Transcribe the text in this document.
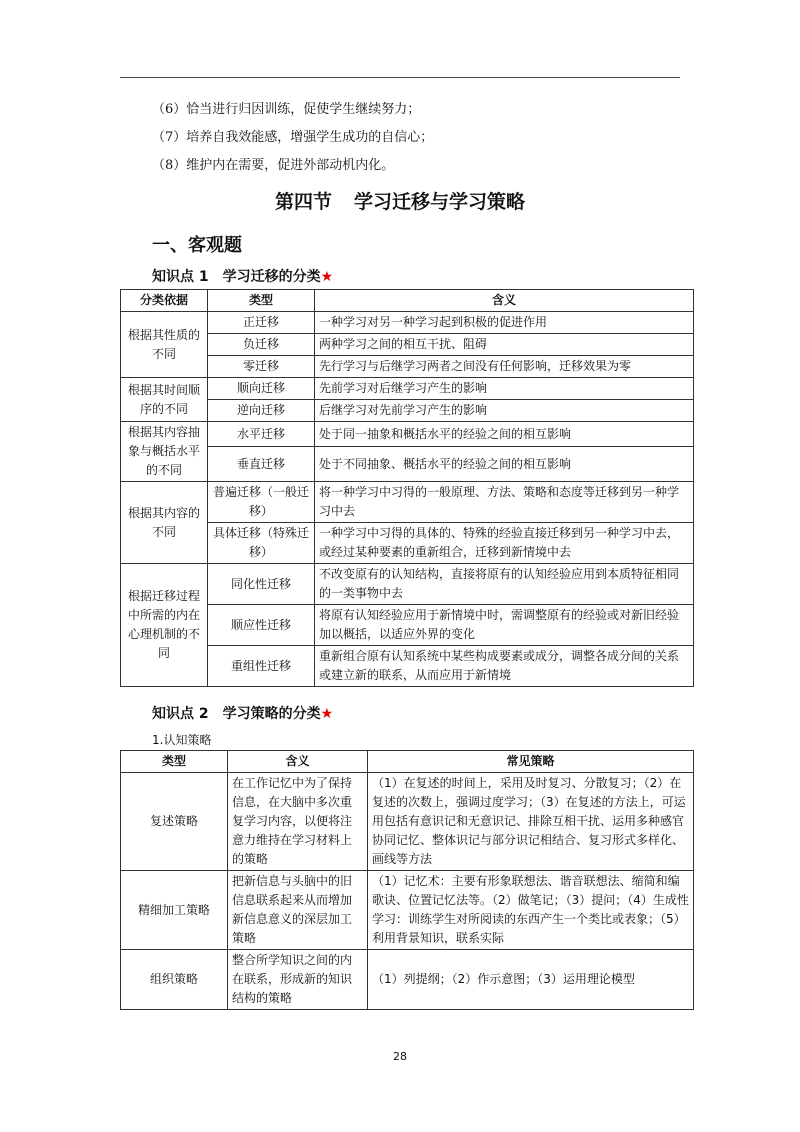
（6）恰当进行归因训练，促使学生继续努力；
（7）培养自我效能感，增强学生成功的自信心；
（8）维护内在需要，促进外部动机内化。
第四节 学习迁移与学习策略
一、客观题
知识点 1 学习迁移的分类★
分类依据	类型	含义
根据其性质的不同	正迁移	一种学习对另一种学习起到积极的促进作用
	负迁移	两种学习之间的相互干扰、阻碍
	零迁移	先行学习与后继学习两者之间没有任何影响，迁移效果为零
根据其时间顺序的不同	顺向迁移	先前学习对后继学习产生的影响
	逆向迁移	后继学习对先前学习产生的影响
根据其内容抽象与概括水平的不同	水平迁移	处于同一抽象和概括水平的经验之间的相互影响
	垂直迁移	处于不同抽象、概括水平的经验之间的相互影响
根据其内容的不同	普遍迁移（一般迁移）	将一种学习中习得的一般原理、方法、策略和态度等迁移到另一种学习中去
	具体迁移（特殊迁移）	一种学习中习得的具体的、特殊的经验直接迁移到另一种学习中去，或经过某种要素的重新组合，迁移到新情境中去
根据迁移过程中所需的内在心理机制的不同	同化性迁移	不改变原有的认知结构，直接将原有的认知经验应用到本质特征相同的一类事物中去
	顺应性迁移	将原有认知经验应用于新情境中时，需调整原有的经验或对新旧经验加以概括，以适应外界的变化
	重组性迁移	重新组合原有认知系统中某些构成要素或成分，调整各成分间的关系或建立新的联系，从而应用于新情境
知识点 2 学习策略的分类★
1.认知策略
类型	含义	常见策略
复述策略	在工作记忆中为了保持信息，在大脑中多次重复学习内容，以便将注意力维持在学习材料上的策略	（1）在复述的时间上，采用及时复习、分散复习；（2）在复述的次数上，强调过度学习；（3）在复述的方法上，可运用包括有意识记和无意识记、排除互相干扰、运用多种感官协同记忆、整体识记与部分识记相结合、复习形式多样化、画线等方法
精细加工策略	把新信息与头脑中的旧信息联系起来从而增加新信息意义的深层加工策略	（1）记忆术：主要有形象联想法、谐音联想法、缩简和编歌诀、位置记忆法等。（2）做笔记；（3）提问；（4）生成性学习：训练学生对所阅读的东西产生一个类比或表象；（5）利用背景知识，联系实际
组织策略	整合所学知识之间的内在联系，形成新的知识结构的策略	（1）列提纲；（2）作示意图；（3）运用理论模型
28
